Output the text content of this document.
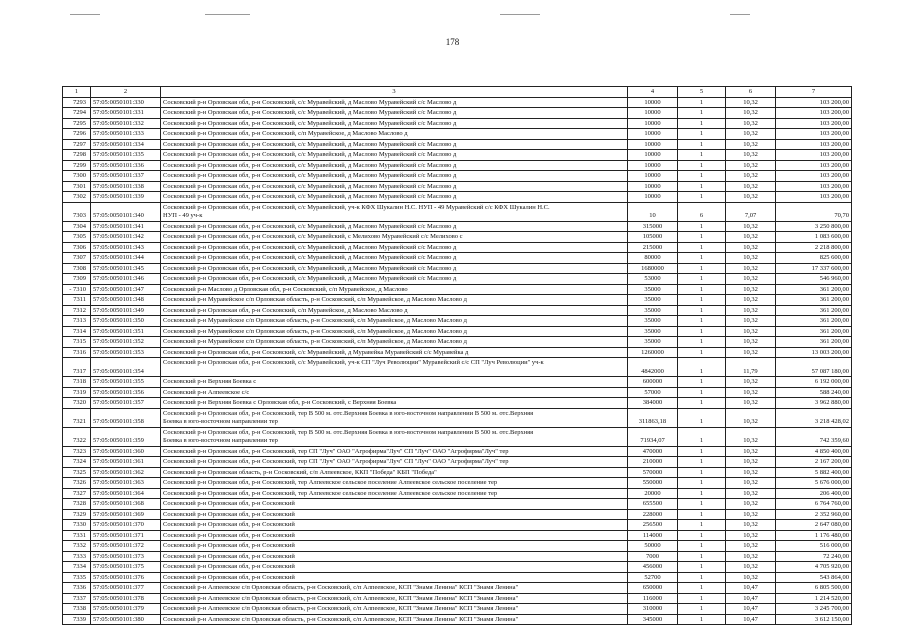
178
1	2	3	4	5	6	7
7293	57:05:0050101:330	Сосковский р-н Орловская обл, р-н Сосковский, с/с Муравейский, д Маслово Муравейский с/с Маслово д	10000	1	10,32	103 200,00
7294	57:05:0050101:331	Сосковский р-н Орловская обл, р-н Сосковский, с/с Муравейский, д Маслово Муравейский с/с Маслово д	10000	1	10,32	103 200,00
7295	57:05:0050101:332	Сосковский р-н Орловская обл, р-н Сосковский, с/с Муравейский, д Маслово Муравейский с/с Маслово д	10000	1	10,32	103 200,00
7296	57:05:0050101:333	Сосковский р-н Орловская обл, р-н Сосковский, с/п Муравейское, д Маслово Маслово д	10000	1	10,32	103 200,00
7297	57:05:0050101:334	Сосковский р-н Орловская обл, р-н Сосковский, с/с Муравейский, д Маслово Муравейский с/с Маслово д	10000	1	10,32	103 200,00
7298	57:05:0050101:335	Сосковский р-н Орловская обл, р-н Сосковский, с/с Муравейский, д Маслово Муравейский с/с Маслово д	10000	1	10,32	103 200,00
7299	57:05:0050101:336	Сосковский р-н Орловская обл, р-н Сосковский, с/с Муравейский, д Маслово Муравейский с/с Маслово д	10000	1	10,32	103 200,00
7300	57:05:0050101:337	Сосковский р-н Орловская обл, р-н Сосковский, с/с Муравейский, д Маслово Муравейский с/с Маслово д	10000	1	10,32	103 200,00
7301	57:05:0050101:338	Сосковский р-н Орловская обл, р-н Сосковский, с/с Муравейский, д Маслово Муравейский с/с Маслово д	10000	1	10,32	103 200,00
7302	57:05:0050101:339	Сосковский р-н Орловская обл, р-н Сосковский, с/с Муравейский, д Маслово Муравейский с/с Маслово д	10000	1	10,32	103 200,00
7303	57:05:0050101:340	Сосковский р-н Орловская обл, р-н Сосковский, с/с Муравейский, уч-к КФХ Шукалин Н.С. НУП - 49 Муравейский с/с КФХ Шукалин Н.С.
НУП - 49 уч-к	10	6	7,07	70,70
7304	57:05:0050101:341	Сосковский р-н Орловская обл, р-н Сосковский, с/с Муравейский, д Маслово Муравейский с/с Маслово д	315000	1	10,32	3 250 800,00
7305	57:05:0050101:342	Сосковский р-н Орловская обл, р-н Сосковский, с/с Муравейский, с Мелихово Муравейский с/с Мелихово с	105000	1	10,32	1 083 600,00
7306	57:05:0050101:343	Сосковский р-н Орловская обл, р-н Сосковский, с/с Муравейский, д Маслово Муравейский с/с Маслово д	215000	1	10,32	2 218 800,00
7307	57:05:0050101:344	Сосковский р-н Орловская обл, р-н Сосковский, с/с Муравейский, д Маслово Муравейский с/с Маслово д	80000	1	10,32	825 600,00
7308	57:05:0050101:345	Сосковский р-н Орловская обл, р-н Сосковский, с/с Муравейский, д Маслово Муравейский с/с Маслово д	1680000	1	10,32	17 337 600,00
7309	57:05:0050101:346	Сосковский р-н Орловская обл, р-н Сосковский, с/с Муравейский, д Маслово Муравейский с/с Маслово д	53000	1	10,32	546 960,00
- 7310	57:05:0050101:347	Сосковский р-н Маслово д Орловская обл, р-н Сосковский, с/п Муравейское, д Маслово	35000	1	10,32	361 200,00
7311	57:05:0050101:348	Сосковский р-н Муравейское с/п Орловская область, р-н Сосковский, с/п Муравейское, д Маслово Маслово д	35000	1	10,32	361 200,00
7312	57:05:0050101:349	Сосковский р-н Орловская обл, р-н Сосковский, с/п Муравейское, д Маслово Маслово д	35000	1	10,32	361 200,00
7313	57:05:0050101:350	Сосковский р-н Муравейское с/п Орловская область, р-н Сосковский, с/п Муравейское, д Маслово Маслово д	35000	1	10,32	361 200,00
7314	57:05:0050101:351	Сосковский р-н Муравейское с/п Орловская область, р-н Сосковский, с/п Муравейское, д Маслово Маслово д	35000	1	10,32	361 200,00
7315	57:05:0050101:352	Сосковский р-н Муравейское с/п Орловская область, р-н Сосковский, с/п Муравейское, д Маслово Маслово д	35000	1	10,32	361 200,00
7316	57:05:0050101:353	Сосковский р-н Орловская обл, р-н Сосковский, с/с Муравейский, д Муравейка Муравейский с/с Муравейка д	1260000	1	10,32	13 003 200,00
7317	57:05:0050101:354	Сосковский р-н Орловская обл, р-н Сосковский, с/с Муравейский, уч-к СП "Луч Революции" Муравейский с/с СП "Луч Революции" уч-к	4842000	1	11,79	57 087 180,00
7318	57:05:0050101:355	Сосковский р-н Верхняя Боевка с	600000	1	10,32	6 192 000,00
7319	57:05:0050101:356	Сосковский р-н Алпеевское с/с	57000	1	10,32	588 240,00
7320	57:05:0050101:357	Сосковский р-н Верхняя Боевка с Орловская обл, р-н Сосковский, с Верхняя Боевка	384000	1	10,32	3 962 880,00
7321	57:05:0050101:358	Сосковский р-н Орловская обл, р-н Сосковский, тер В 500 м. отс.Верхняя Боевка в юго-восточном направлении В 500 м. отс.Верхняя
Боевка в юго-восточном направлении тер	311863,18	1	10,32	3 218 428,02
7322	57:05:0050101:359	Сосковский р-н Орловская обл, р-н Сосковский, тер В 500 м. отс.Верхняя Боевка в юго-восточном направлении В 500 м. отс.Верхняя
Боевка в юго-восточном направлении тер	71934,07	1	10,32	742 359,60
7323	57:05:0050101:360	Сосковский р-н Орловская обл, р-н Сосковский, тер СП "Луч" ОАО "Агрофирма"Луч" СП "Луч" ОАО "Агрофирма"Луч" тер	470000	1	10,32	4 850 400,00
7324	57:05:0050101:361	Сосковский р-н Орловская обл, р-н Сосковский, тер СП "Луч" ОАО "Агрофирма"Луч" СП "Луч" ОАО "Агрофирма"Луч" тер	210000	1	10,32	2 167 200,00
7325	57:05:0050101:362	Сосковский р-н Орловская область, р-н Сосковский, с/п Алпеевское, ККП "Победа" КБП "Победа"	570000	1	10,32	5 882 400,00
7326	57:05:0050101:363	Сосковский р-н Орловская обл, р-н Сосковский, тер Алпеевское сельское поселение Алпеевское сельское поселение тер	550000	1	10,32	5 676 000,00
7327	57:05:0050101:364	Сосковский р-н Орловская обл, р-н Сосковский, тер Алпеевское сельское поселение Алпеевское сельское поселение тер	20000	1	10,32	206 400,00
7328	57:05:0050101:368	Сосковский р-н Орловская обл, р-н Сосковский	655500	1	10,32	6 764 760,00
7329	57:05:0050101:369	Сосковский р-н Орловская обл, р-н Сосковский	228000	1	10,32	2 352 960,00
7330	57:05:0050101:370	Сосковский р-н Орловская обл, р-н Сосковский	256500	1	10,32	2 647 080,00
7331	57:05:0050101:371	Сосковский р-н Орловская обл, р-н Сосковский	114000	1	10,32	1 176 480,00
7332	57:05:0050101:372	Сосковский р-н Орловская обл, р-н Сосковский	50000	1	10,32	516 000,00
7333	57:05:0050101:373	Сосковский р-н Орловская обл, р-н Сосковский	7000	1	10,32	72 240,00
7334	57:05:0050101:375	Сосковский р-н Орловская обл, р-н Сосковский	456000	1	10,32	4 705 920,00
7335	57:05:0050101:376	Сосковский р-н Орловская обл, р-н Сосковский	52700	1	10,32	543 864,00
7336	57:05:0050101:377	Сосковский р-н Алпеевское с/п Орловская область, р-н Сосковский, с/п Алпеевское, КСП "Знамя Ленина" КСП "Знамя Ленина"	650000	1	10,47	6 805 500,00
7337	57:05:0050101:378	Сосковский р-н Алпеевское с/п Орловская область, р-н Сосковский, с/п Алпеевское, КСП "Знамя Ленина" КСП "Знамя Ленина"	116000	1	10,47	1 214 520,00
7338	57:05:0050101:379	Сосковский р-н Алпеевское с/п Орловская область, р-н Сосковский, с/п Алпеевское, КСП "Знамя Ленина" КСП "Знамя Ленина"	310000	1	10,47	3 245 700,00
7339	57:05:0050101:380	Сосковский р-н Алпеевское с/п Орловская область, р-н Сосковский, с/п Алпеевское, КСП "Знамя Ленина" КСП "Знамя Ленина"	345000	1	10,47	3 612 150,00
